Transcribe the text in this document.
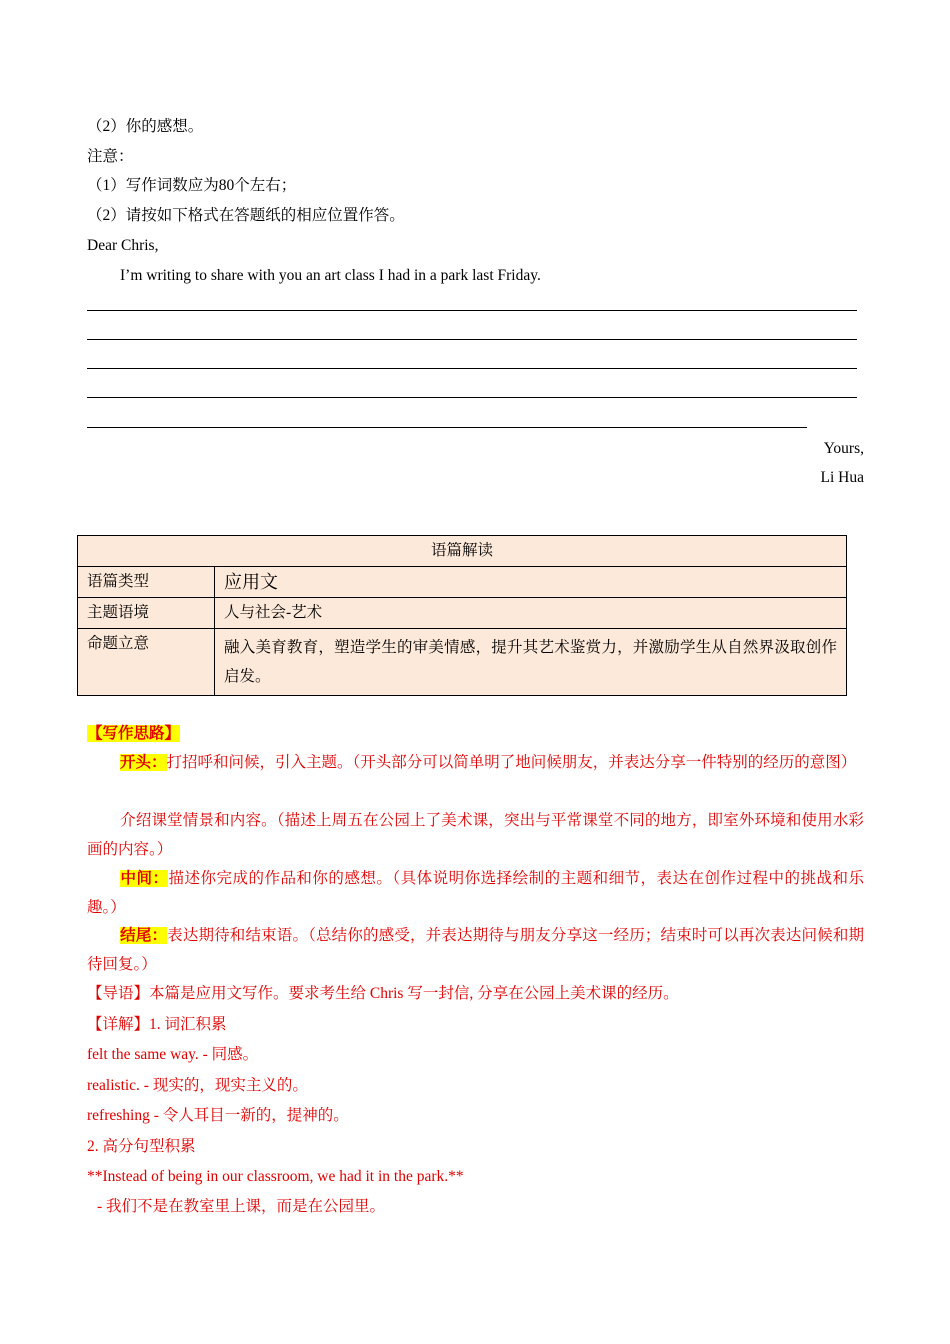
（2）你的感想。
注意：
（1）写作词数应为80个左右；
（2）请按如下格式在答题纸的相应位置作答。
Dear Chris,
I’m writing to share with you an art class I had in a park last Friday.
Yours,
Li Hua
语篇解读	
语篇类型	应用文
主题语境	人与社会-艺术
命题立意	融入美育教育，塑造学生的审美情感，提升其艺术鉴赏力，并激励学生从自然界汲取创作启发。
【写作思路】
开头：打招呼和问候，引入主题。（开头部分可以简单明了地问候朋友，并表达分享一件特别的经历的意图）
介绍课堂情景和内容。（描述上周五在公园上了美术课，突出与平常课堂不同的地方，即室外环境和使用水彩画的内容。）
中间：描述你完成的作品和你的感想。（具体说明你选择绘制的主题和细节，表达在创作过程中的挑战和乐趣。）
结尾：表达期待和结束语。（总结你的感受，并表达期待与朋友分享这一经历；结束时可以再次表达问候和期待回复。）
【导语】本篇是应用文写作。要求考生给 Chris 写一封信, 分享在公园上美术课的经历。
【详解】1. 词汇积累
felt the same way. - 同感。
realistic. - 现实的，现实主义的。
refreshing - 令人耳目一新的，提神的。
2. 高分句型积累
**Instead of being in our classroom, we had it in the park.**
- 我们不是在教室里上课，而是在公园里。
